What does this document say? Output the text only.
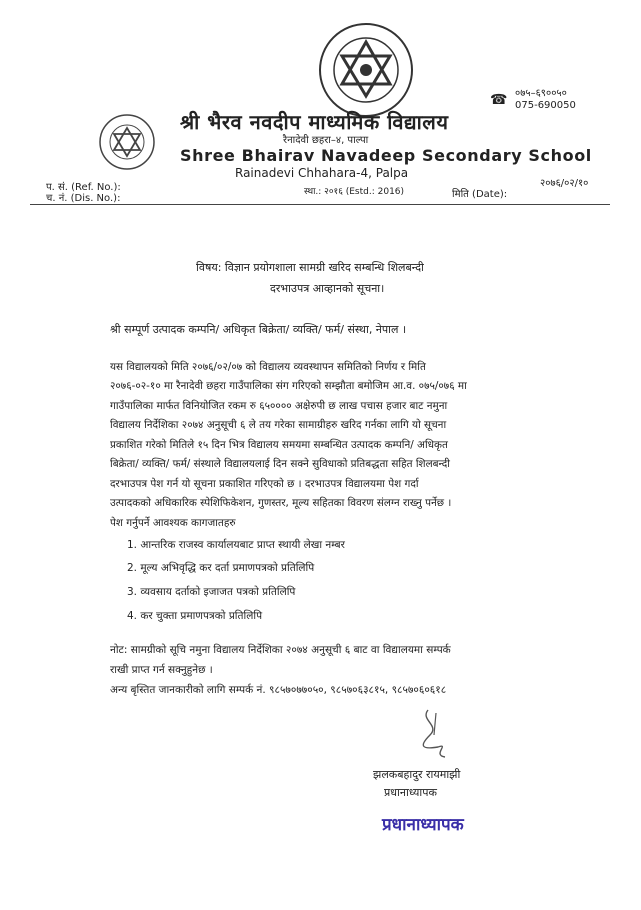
श्री भैरव नवदीप माध्यमिक विद्यालय
रैनादेवी छहरा–४, पाल्पा
Shree Bhairav Navadeep Secondary School
Rainadevi Chhahara-4, Palpa
स्था.: २०१६ (Estd.: 2016)
☎ ०७५–६९००५०
075-690050
प. सं. (Ref. No.):
च. नं. (Dis. No.):	मिति (Date):
२०७६/०२/१०
विषय: विज्ञान प्रयोगशाला सामग्री खरिद सम्बन्धि शिलबन्दी
दरभाउपत्र आव्हानको सूचना।
श्री सम्पूर्ण उत्पादक कम्पनि/ अधिकृत बिक्रेता/ व्यक्ति/ फर्म/ संस्था, नेपाल ।
यस विद्यालयको मिति २०७६/०२/०७ को विद्यालय व्यवस्थापन समितिको निर्णय र मिति
२०७६-०२-१० मा रैनादेवी छहरा गाउँपालिका संग गरिएको सम्झौता बमोजिम आ.व. ०७५/०७६ मा
गाउँपालिका मार्फत विनियोजित रकम रु ६५०००० अक्षेरुपी छ लाख पचास हजार बाट नमुना
विद्यालय निर्देशिका २०७४ अनुसूची ६ ले तय गरेका सामाग्रीहरु खरिद गर्नका लागि यो सूचना
प्रकाशित गरेको मितिले १५ दिन भित्र विद्यालय समयमा सम्बन्धित उत्पादक कम्पनि/ अधिकृत
बिक्रेता/ व्यक्ति/ फर्म/ संस्थाले विद्यालयलाई दिन सक्ने सुविधाको प्रतिबद्धता सहित शिलबन्दी
दरभाउपत्र पेश गर्न यो सूचना प्रकाशित गरिएको छ । दरभाउपत्र विद्यालयमा पेश गर्दा
उत्पादकको अधिकारिक स्पेशिफिकेशन, गुणस्तर, मूल्य सहितका विवरण संलग्न राख्नु पर्नेछ ।
पेश गर्नुपर्ने आवश्यक कागजातहरु
1. आन्तरिक राजस्व कार्यालयबाट प्राप्त स्थायी लेखा नम्बर
2. मूल्य अभिवृद्धि कर दर्ता प्रमाणपत्रको प्रतिलिपि
3. व्यवसाय दर्ताको इजाजत पत्रको प्रतिलिपि
4. कर चुक्ता प्रमाणपत्रको प्रतिलिपि
नोट: सामग्रीको सूचि नमुना विद्यालय निर्देशिका २०७४ अनुसूची ६ बाट वा विद्यालयमा सम्पर्क
राखी प्राप्त गर्न सक्नुहुनेछ ।
अन्य बृस्तित जानकारीको लागि सम्पर्क नं. ९८५७०७७०५०, ९८५७०६३८१५, ९८५७०६०६१८
झलकबहादुर रायमाझी
प्रधानाध्यापक
प्रधानाध्यापक
